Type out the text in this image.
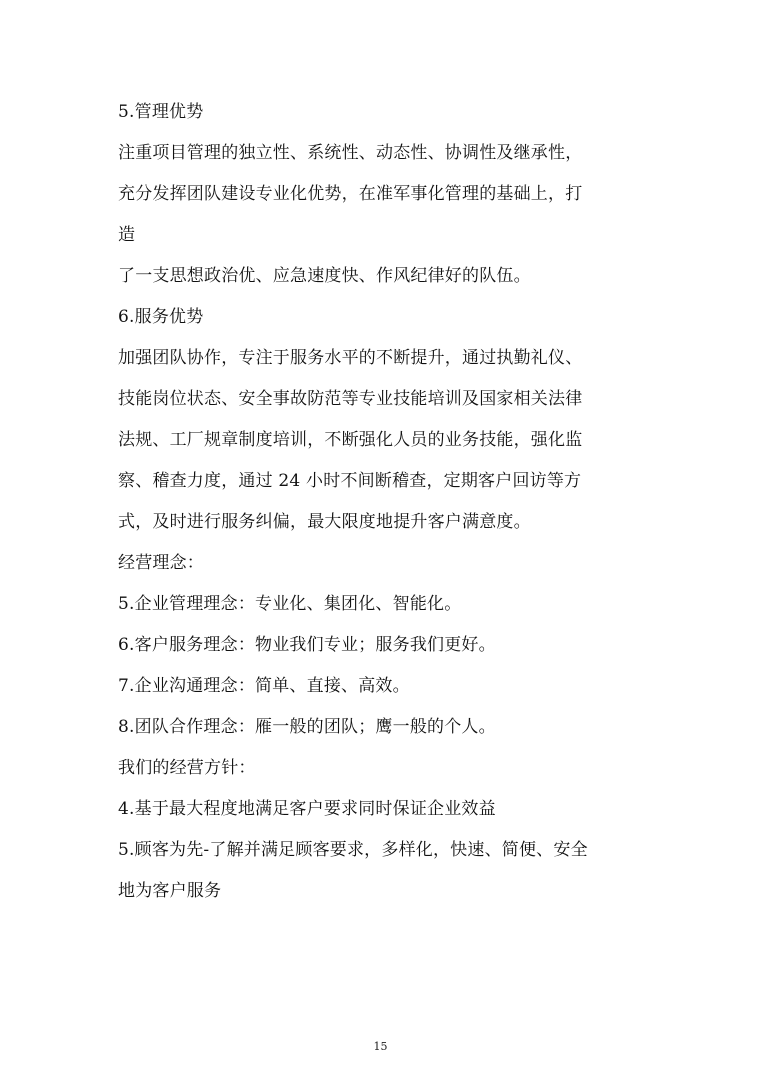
5.管理优势
注重项目管理的独立性、系统性、动态性、协调性及继承性，
充分发挥团队建设专业化优势，在准军事化管理的基础上，打
造
了一支思想政治优、应急速度快、作风纪律好的队伍。
6.服务优势
加强团队协作，专注于服务水平的不断提升，通过执勤礼仪、
技能岗位状态、安全事故防范等专业技能培训及国家相关法律
法规、工厂规章制度培训，不断强化人员的业务技能，强化监
察、稽查力度，通过 24 小时不间断稽查，定期客户回访等方
式，及时进行服务纠偏，最大限度地提升客户满意度。
经营理念：
5.企业管理理念：专业化、集团化、智能化。
6.客户服务理念：物业我们专业；服务我们更好。
7.企业沟通理念：简单、直接、高效。
8.团队合作理念：雁一般的团队；鹰一般的个人。
我们的经营方针：
4.基于最大程度地满足客户要求同时保证企业效益
5.顾客为先-了解并满足顾客要求，多样化，快速、简便、安全
地为客户服务
15
